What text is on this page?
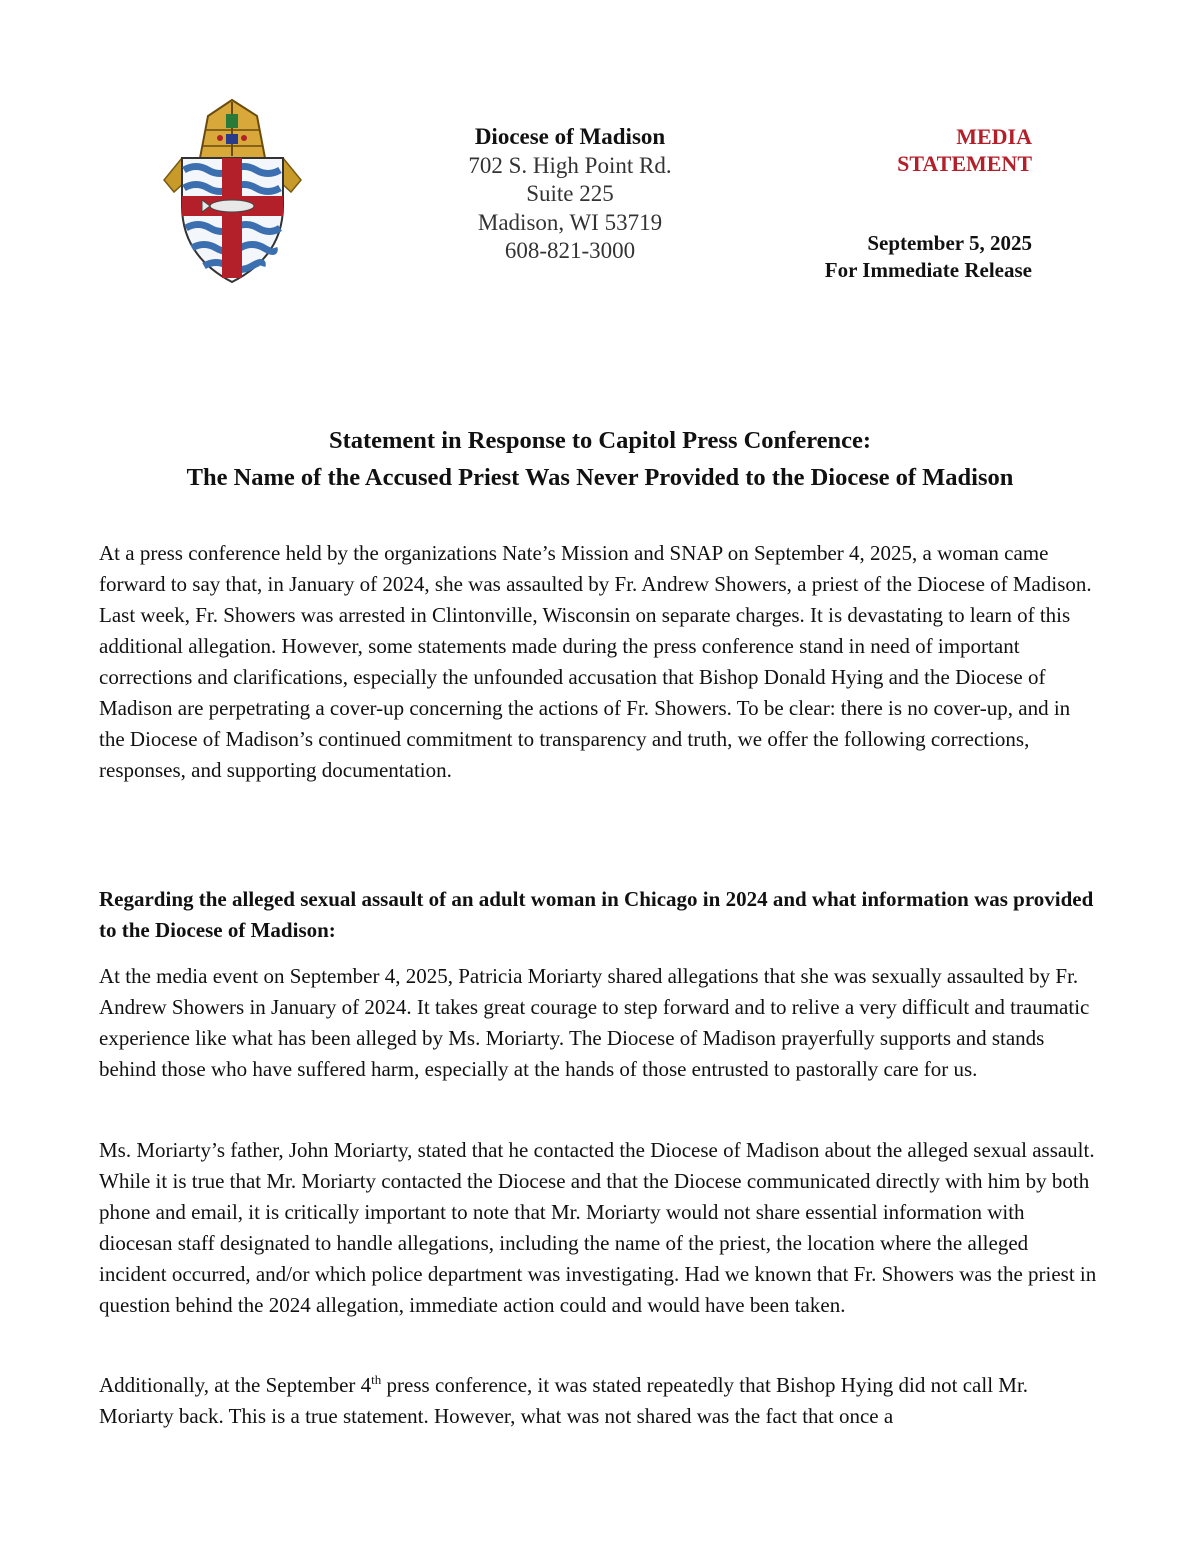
Diocese of Madison
702 S. High Point Rd.
Suite 225
Madison, WI 53719
608-821-3000
MEDIA
STATEMENT
September 5, 2025
For Immediate Release
Statement in Response to Capitol Press Conference:
The Name of the Accused Priest Was Never Provided to the Diocese of Madison

At a press conference held by the organizations Nate’s Mission and SNAP on September 4, 2025, a woman came forward to say that, in January of 2024, she was assaulted by Fr. Andrew Showers, a priest of the Diocese of Madison. Last week, Fr. Showers was arrested in Clintonville, Wisconsin on separate charges. It is devastating to learn of this additional allegation. However, some statements made during the press conference stand in need of important corrections and clarifications, especially the unfounded accusation that Bishop Donald Hying and the Diocese of Madison are perpetrating a cover-up concerning the actions of Fr. Showers. To be clear: there is no cover-up, and in the Diocese of Madison’s continued commitment to transparency and truth, we offer the following corrections, responses, and supporting documentation.

Regarding the alleged sexual assault of an adult woman in Chicago in 2024 and what information was provided to the Diocese of Madison:

At the media event on September 4, 2025, Patricia Moriarty shared allegations that she was sexually assaulted by Fr. Andrew Showers in January of 2024. It takes great courage to step forward and to relive a very difficult and traumatic experience like what has been alleged by Ms. Moriarty. The Diocese of Madison prayerfully supports and stands behind those who have suffered harm, especially at the hands of those entrusted to pastorally care for us.

Ms. Moriarty’s father, John Moriarty, stated that he contacted the Diocese of Madison about the alleged sexual assault. While it is true that Mr. Moriarty contacted the Diocese and that the Diocese communicated directly with him by both phone and email, it is critically important to note that Mr. Moriarty would not share essential information with diocesan staff designated to handle allegations, including the name of the priest, the location where the alleged incident occurred, and/or which police department was investigating. Had we known that Fr. Showers was the priest in question behind the 2024 allegation, immediate action could and would have been taken.

Additionally, at the September 4th press conference, it was stated repeatedly that Bishop Hying did not call Mr. Moriarty back. This is a true statement. However, what was not shared was the fact that once a
